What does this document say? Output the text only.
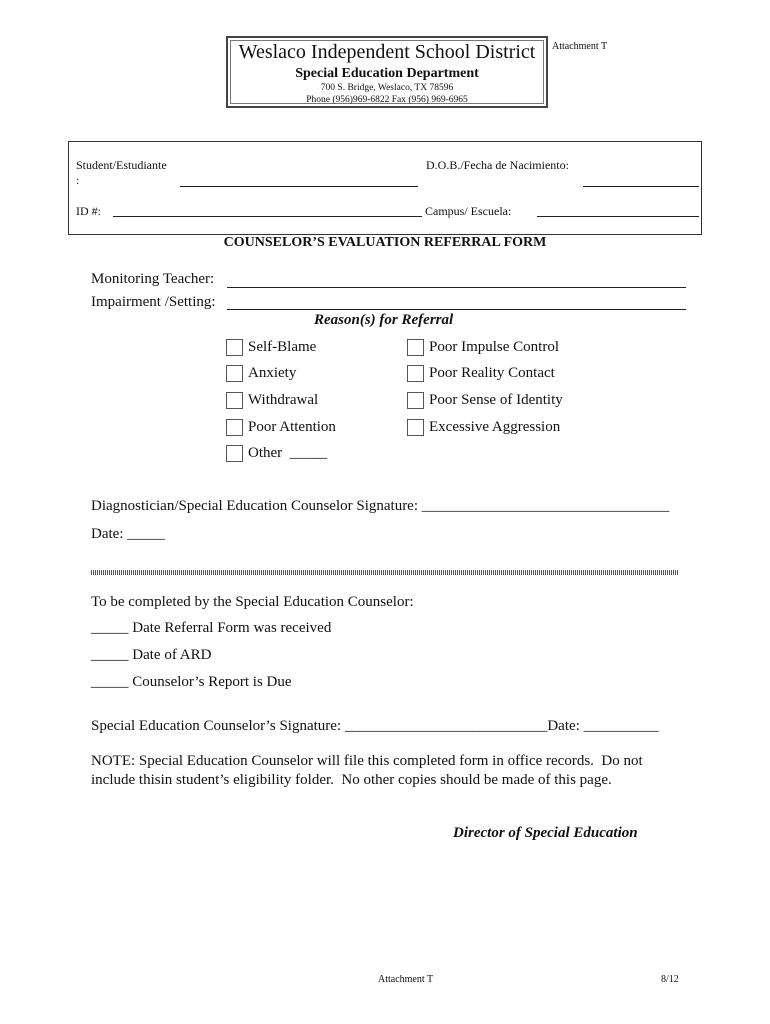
Weslaco Independent School District
Special Education Department
700 S. Bridge, Weslaco, TX 78596
Phone (956)969-6822 Fax (956) 969-6965
Attachment T
Student/Estudiante
:
D.O.B./Fecha de Nacimiento:
ID #:	Campus/ Escuela:
COUNSELOR’S EVALUATION REFERRAL FORM
Monitoring Teacher:
Impairment /Setting:
Reason(s) for Referral
Self-Blame
Anxiety
Withdrawal
Poor Attention
Other  _____
Poor Impulse Control
Poor Reality Contact
Poor Sense of Identity
Excessive Aggression
Diagnostician/Special Education Counselor Signature: _________________________________
Date: _____
To be completed by the Special Education Counselor:
_____ Date Referral Form was received
_____ Date of ARD
_____ Counselor’s Report is Due
Special Education Counselor’s Signature: ___________________________Date: __________
NOTE: Special Education Counselor will file this completed form in office records.  Do not
include thisin student’s eligibility folder.  No other copies should be made of this page.
Director of Special Education
Attachment T	8/12
